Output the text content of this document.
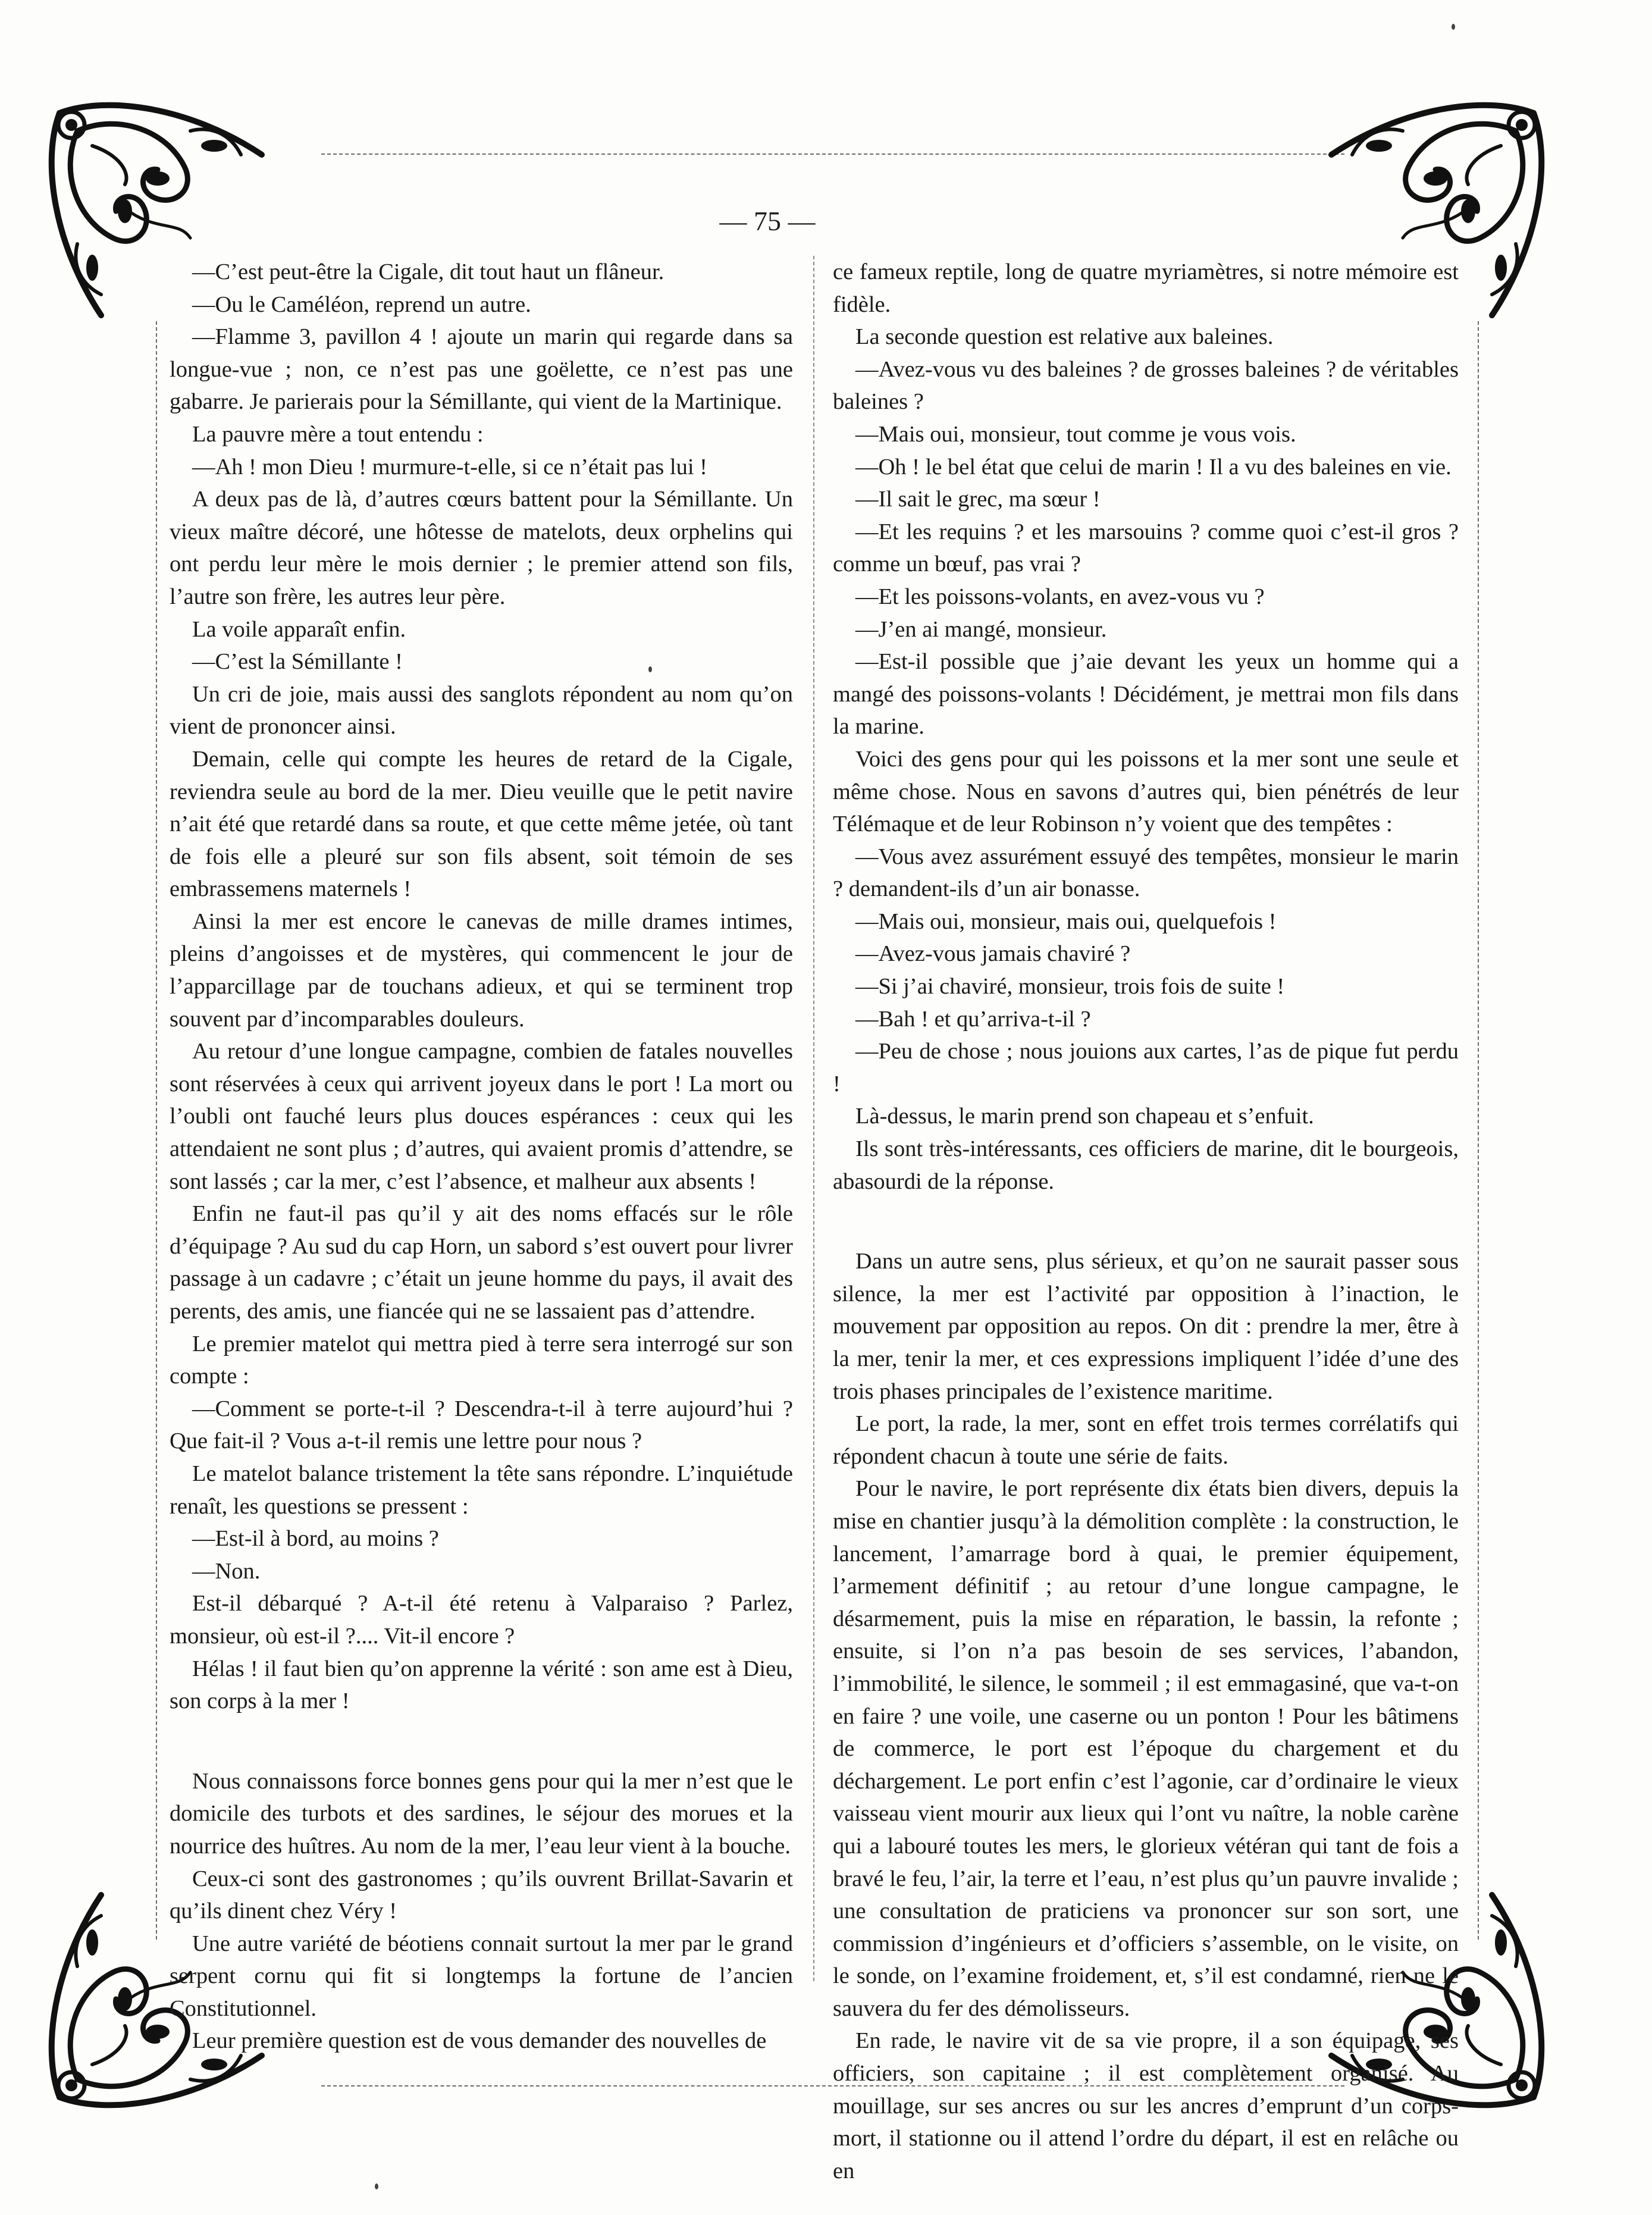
— 75 —

—C’est peut-être la Cigale, dit tout haut un flâneur.

—Ou le Caméléon, reprend un autre.

—Flamme 3, pavillon 4 ! ajoute un marin qui regarde dans sa longue-vue ; non, ce n’est pas une goëlette, ce n’est pas une gabarre. Je parierais pour la Sémillante, qui vient de la Martinique.

La pauvre mère a tout entendu :

—Ah ! mon Dieu ! murmure-t-elle, si ce n’était pas lui !

A deux pas de là, d’autres cœurs battent pour la Sémillante. Un vieux maître décoré, une hôtesse de matelots, deux orphelins qui ont perdu leur mère le mois dernier ; le premier attend son fils, l’autre son frère, les autres leur père.

La voile apparaît enfin.

—C’est la Sémillante !

Un cri de joie, mais aussi des sanglots répondent au nom qu’on vient de prononcer ainsi.

Demain, celle qui compte les heures de retard de la Cigale, reviendra seule au bord de la mer. Dieu veuille que le petit navire n’ait été que retardé dans sa route, et que cette même jetée, où tant de fois elle a pleuré sur son fils absent, soit témoin de ses embrassemens maternels !

Ainsi la mer est encore le canevas de mille drames intimes, pleins d’angoisses et de mystères, qui commencent le jour de l’apparcillage par de touchans adieux, et qui se terminent trop souvent par d’incomparables douleurs.

Au retour d’une longue campagne, combien de fatales nouvelles sont réservées à ceux qui arrivent joyeux dans le port ! La mort ou l’oubli ont fauché leurs plus douces espérances : ceux qui les attendaient ne sont plus ; d’autres, qui avaient promis d’attendre, se sont lassés ; car la mer, c’est l’absence, et malheur aux absents !

Enfin ne faut-il pas qu’il y ait des noms effacés sur le rôle d’équipage ? Au sud du cap Horn, un sabord s’est ouvert pour livrer passage à un cadavre ; c’était un jeune homme du pays, il avait des perents, des amis, une fiancée qui ne se lassaient pas d’attendre.

Le premier matelot qui mettra pied à terre sera interrogé sur son compte :

—Comment se porte-t-il ? Descendra-t-il à terre aujourd’hui ? Que fait-il ? Vous a-t-il remis une lettre pour nous ?

Le matelot balance tristement la tête sans répondre. L’inquiétude renaît, les questions se pressent :

—Est-il à bord, au moins ?

—Non.

Est-il débarqué ? A-t-il été retenu à Valparaiso ? Parlez, monsieur, où est-il ?.... Vit-il encore ?

Hélas ! il faut bien qu’on apprenne la vérité : son ame est à Dieu, son corps à la mer !

Nous connaissons force bonnes gens pour qui la mer n’est que le domicile des turbots et des sardines, le séjour des morues et la nourrice des huîtres. Au nom de la mer, l’eau leur vient à la bouche.

Ceux-ci sont des gastronomes ; qu’ils ouvrent Brillat-Savarin et qu’ils dinent chez Véry !

Une autre variété de béotiens connait surtout la mer par le grand serpent cornu qui fit si longtemps la fortune de l’ancien Constitutionnel.

Leur première question est de vous demander des nouvelles de

ce fameux reptile, long de quatre myriamètres, si notre mémoire est fidèle.

La seconde question est relative aux baleines.

—Avez-vous vu des baleines ? de grosses baleines ? de véritables baleines ?

—Mais oui, monsieur, tout comme je vous vois.

—Oh ! le bel état que celui de marin ! Il a vu des baleines en vie.

—Il sait le grec, ma sœur !

—Et les requins ? et les marsouins ? comme quoi c’est-il gros ? comme un bœuf, pas vrai ?

—Et les poissons-volants, en avez-vous vu ?

—J’en ai mangé, monsieur.

—Est-il possible que j’aie devant les yeux un homme qui a mangé des poissons-volants ! Décidément, je mettrai mon fils dans la marine.

Voici des gens pour qui les poissons et la mer sont une seule et même chose. Nous en savons d’autres qui, bien pénétrés de leur Télémaque et de leur Robinson n’y voient que des tempêtes :

—Vous avez assurément essuyé des tempêtes, monsieur le marin ? demandent-ils d’un air bonasse.

—Mais oui, monsieur, mais oui, quelquefois !

—Avez-vous jamais chaviré ?

—Si j’ai chaviré, monsieur, trois fois de suite !

—Bah ! et qu’arriva-t-il ?

—Peu de chose ; nous jouions aux cartes, l’as de pique fut perdu !

Là-dessus, le marin prend son chapeau et s’enfuit.

Ils sont très-intéressants, ces officiers de marine, dit le bourgeois, abasourdi de la réponse.

Dans un autre sens, plus sérieux, et qu’on ne saurait passer sous silence, la mer est l’activité par opposition à l’inaction, le mouvement par opposition au repos. On dit : prendre la mer, être à la mer, tenir la mer, et ces expressions impliquent l’idée d’une des trois phases principales de l’existence maritime.

Le port, la rade, la mer, sont en effet trois termes corrélatifs qui répondent chacun à toute une série de faits.

Pour le navire, le port représente dix états bien divers, depuis la mise en chantier jusqu’à la démolition complète : la construction, le lancement, l’amarrage bord à quai, le premier équipement, l’armement définitif ; au retour d’une longue campagne, le désarmement, puis la mise en réparation, le bassin, la refonte ; ensuite, si l’on n’a pas besoin de ses services, l’abandon, l’immobilité, le silence, le sommeil ; il est emmagasiné, que va-t-on en faire ? une voile, une caserne ou un ponton ! Pour les bâtimens de commerce, le port est l’époque du chargement et du déchargement. Le port enfin c’est l’agonie, car d’ordinaire le vieux vaisseau vient mourir aux lieux qui l’ont vu naître, la noble carène qui a labouré toutes les mers, le glorieux vétéran qui tant de fois a bravé le feu, l’air, la terre et l’eau, n’est plus qu’un pauvre invalide ; une consultation de praticiens va prononcer sur son sort, une commission d’ingénieurs et d’officiers s’assemble, on le visite, on le sonde, on l’examine froidement, et, s’il est condamné, rien ne le sauvera du fer des démolisseurs.

En rade, le navire vit de sa vie propre, il a son équipage, ses officiers, son capitaine ; il est complètement organisé. Au mouillage, sur ses ancres ou sur les ancres d’emprunt d’un corps-mort, il stationne ou il attend l’ordre du départ, il est en relâche ou en
